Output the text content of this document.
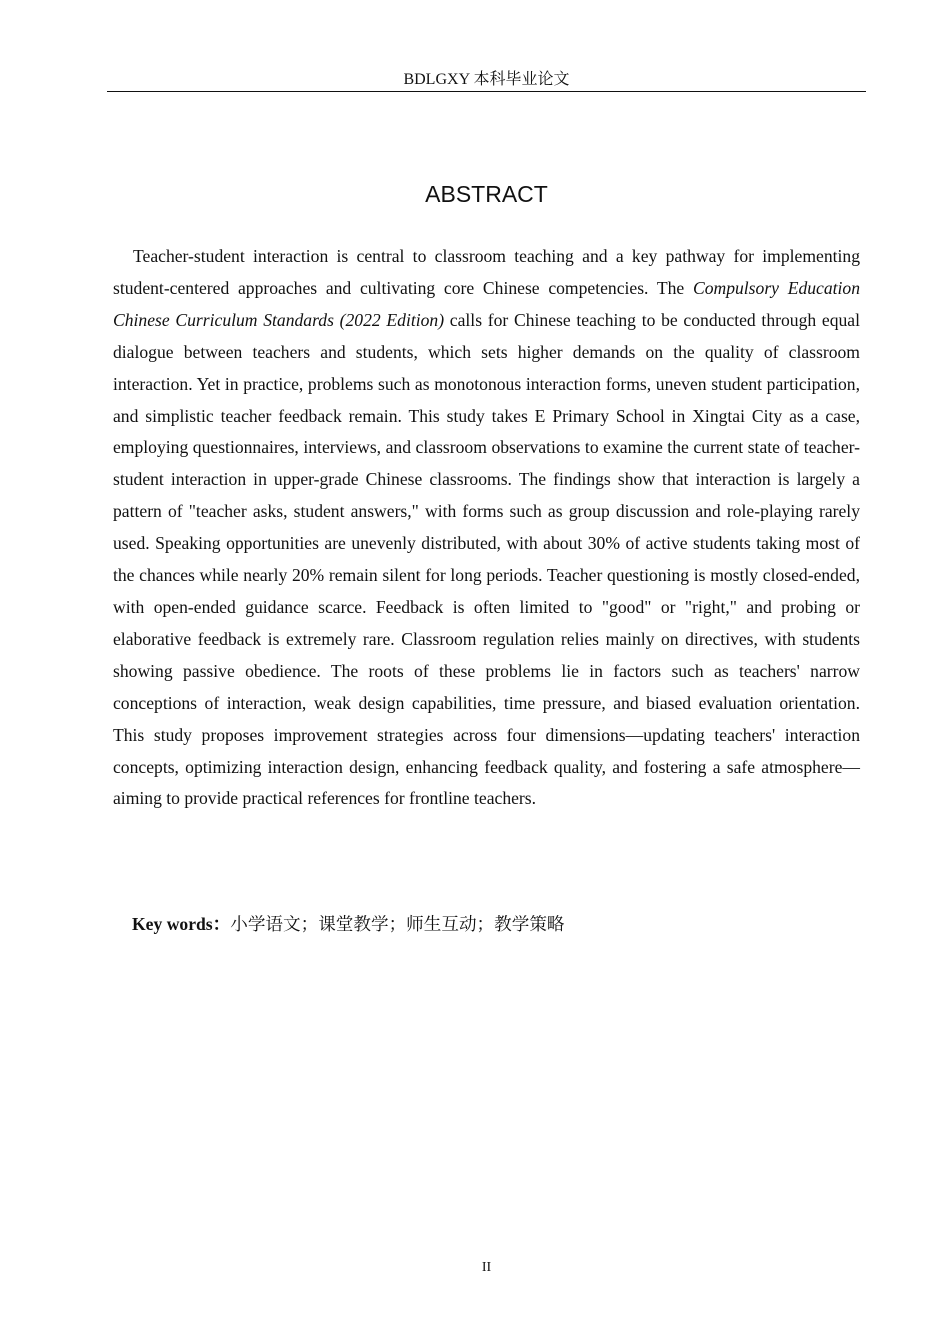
BDLGXY 本科毕业论文
ABSTRACT

Teacher-student interaction is central to classroom teaching and a key pathway for implementing student-centered approaches and cultivating core Chinese competencies. The Compulsory Education Chinese Curriculum Standards (2022 Edition) calls for Chinese teaching to be conducted through equal dialogue between teachers and students, which sets higher demands on the quality of classroom interaction. Yet in practice, problems such as monotonous interaction forms, uneven student participation, and simplistic teacher feedback remain. This study takes E Primary School in Xingtai City as a case, employing questionnaires, interviews, and classroom observations to examine the current state of teacher-student interaction in upper-grade Chinese classrooms. The findings show that interaction is largely a pattern of "teacher asks, student answers," with forms such as group discussion and role-playing rarely used. Speaking opportunities are unevenly distributed, with about 30% of active students taking most of the chances while nearly 20% remain silent for long periods. Teacher questioning is mostly closed-ended, with open-ended guidance scarce. Feedback is often limited to "good" or "right," and probing or elaborative feedback is extremely rare. Classroom regulation relies mainly on directives, with students showing passive obedience. The roots of these problems lie in factors such as teachers' narrow conceptions of interaction, weak design capabilities, time pressure, and biased evaluation orientation. This study proposes improvement strategies across four dimensions—updating teachers' interaction concepts, optimizing interaction design, enhancing feedback quality, and fostering a safe atmosphere—aiming to provide practical references for frontline teachers.

Key words：小学语文；课堂教学；师生互动；教学策略

II
